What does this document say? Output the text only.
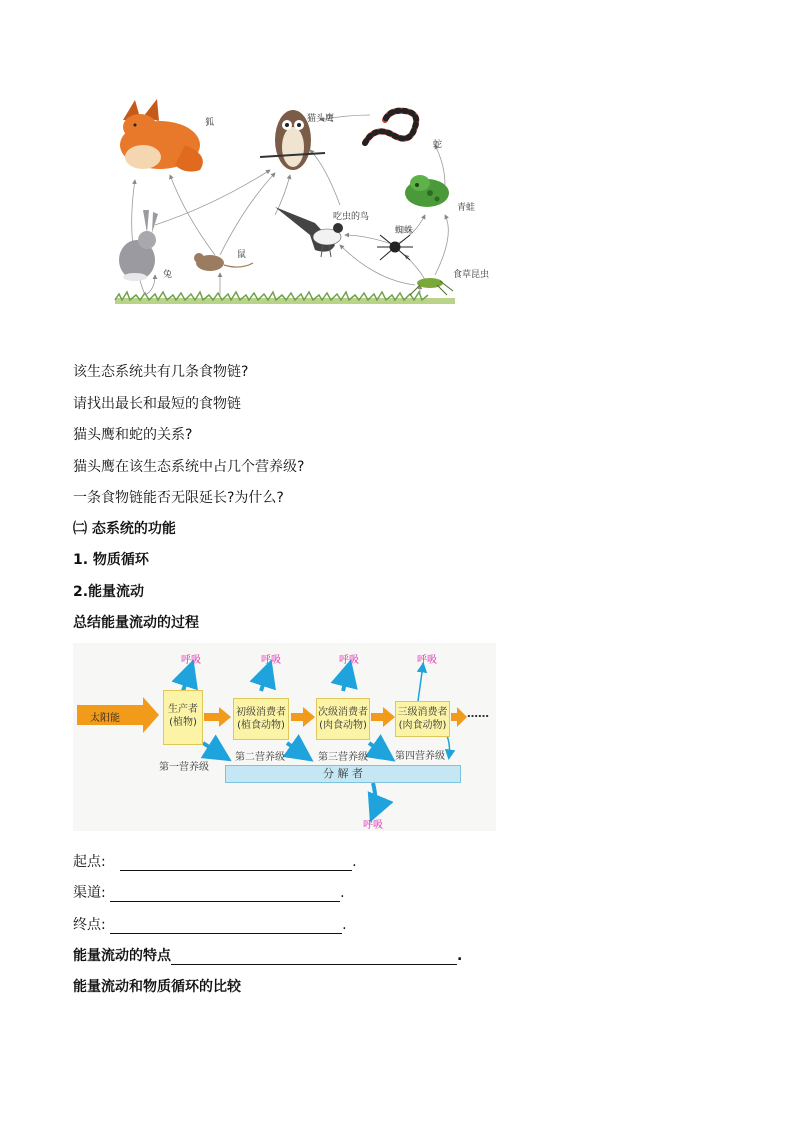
狐	猫头鹰
蛇
青蛙
吃虫的鸟
蜘蛛
食草昆虫
兔
鼠
该生态系统共有几条食物链?
请找出最长和最短的食物链
猫头鹰和蛇的关系?
猫头鹰在该生态系统中占几个营养级?
一条食物链能否无限延长?为什么?
㈡ 态系统的功能
1. 物质循环
2.能量流动
总结能量流动的过程
生产者
(植物)
初级消费者
(植食动物)
次级消费者
(肉食动物)
三级消费者
(肉食动物)
太阳能	……
呼吸	呼吸	呼吸	呼吸
呼吸
第一营养级
第二营养级	第三营养级	第四营养级
分 解 者
起点:	.
渠道:	.
终点:	.
能量流动的特点	.
能量流动和物质循环的比较
